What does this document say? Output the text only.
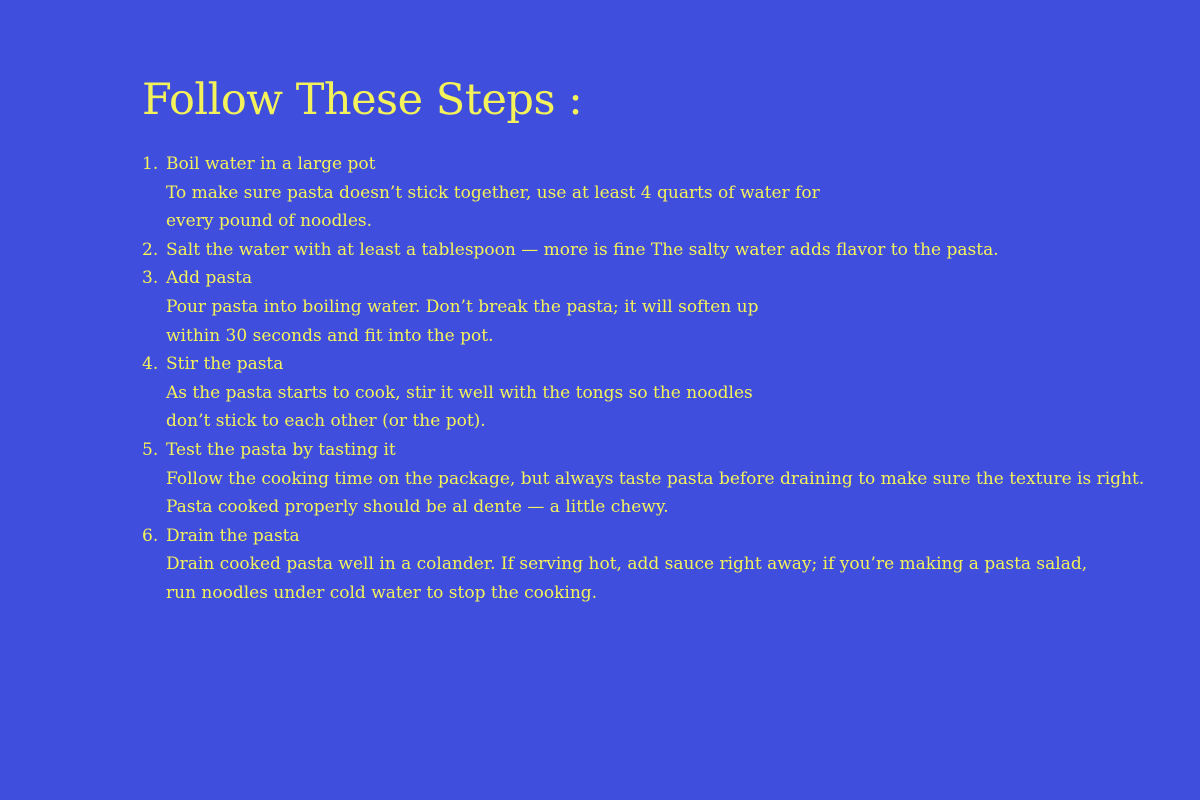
Follow These Steps :
1. Boil water in a large pot
To make sure pasta doesn’t stick together, use at least 4 quarts of water for
every pound of noodles.
2. Salt the water with at least a tablespoon — more is fine The salty water adds flavor to the pasta.
3. Add pasta
Pour pasta into boiling water. Don’t break the pasta; it will soften up
within 30 seconds and fit into the pot.
4. Stir the pasta
As the pasta starts to cook, stir it well with the tongs so the noodles
don’t stick to each other (or the pot).
5. Test the pasta by tasting it
Follow the cooking time on the package, but always taste pasta before draining to make sure the texture is right.
Pasta cooked properly should be al dente — a little chewy.
6. Drain the pasta
Drain cooked pasta well in a colander. If serving hot, add sauce right away; if you’re making a pasta salad,
run noodles under cold water to stop the cooking.
